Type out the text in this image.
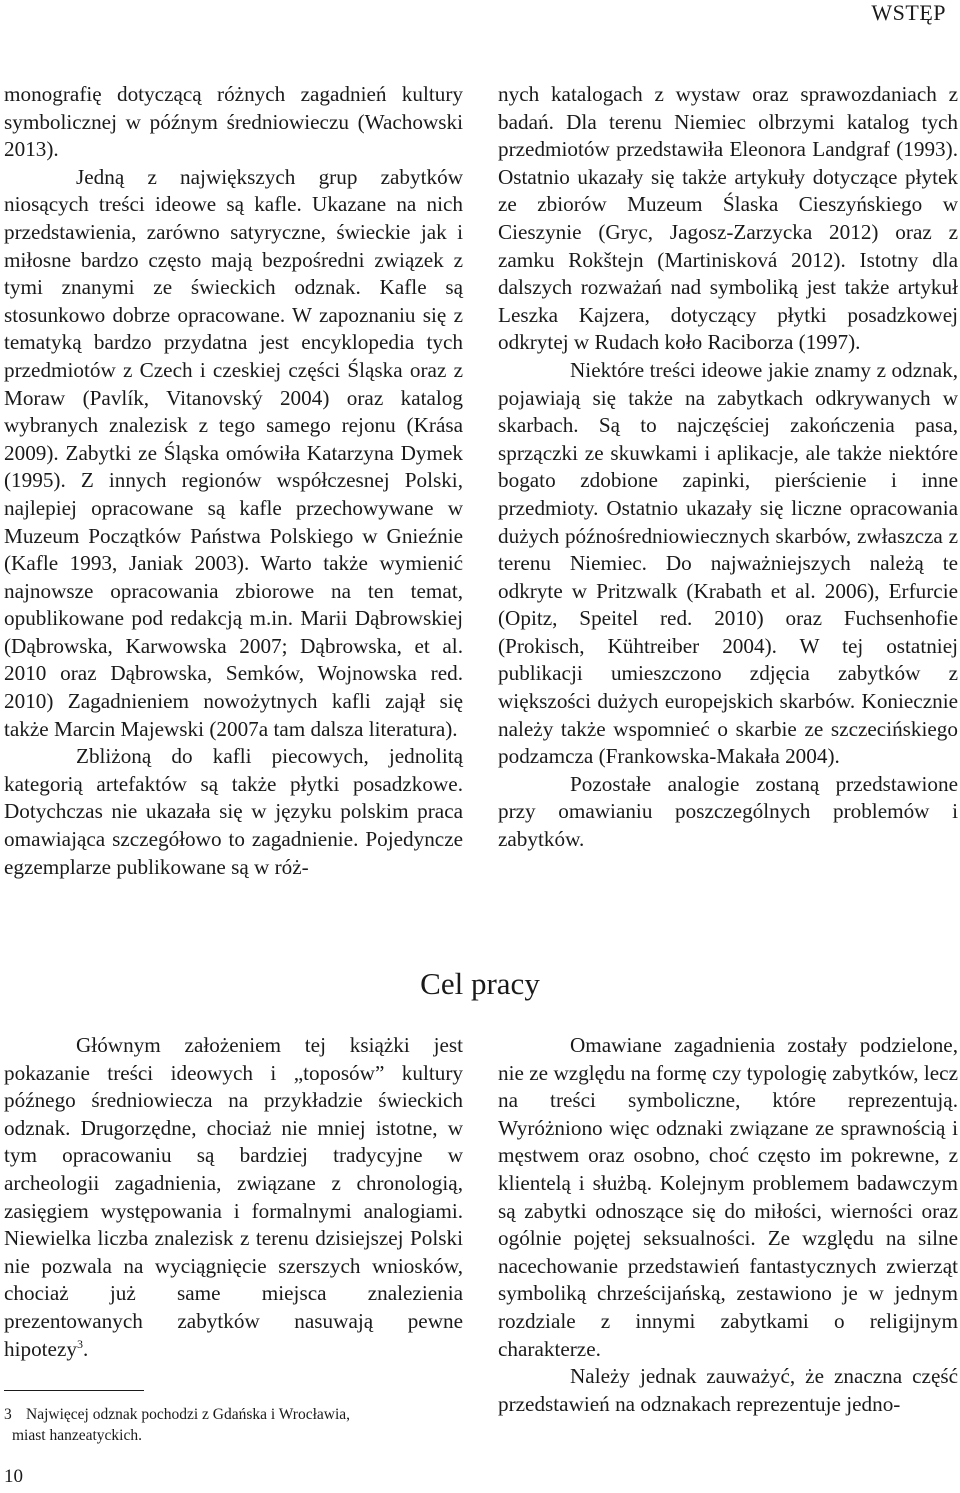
WSTĘP

monografię dotyczącą różnych zagadnień kultury symbolicznej w późnym średniowieczu (Wachowski 2013).

Jedną z największych grup zabytków niosących treści ideowe są kafle. Ukazane na nich przedstawienia, zarówno satyryczne, świeckie jak i miłosne bardzo często mają bezpośredni związek z tymi znanymi ze świeckich odznak. Kafle są stosunkowo dobrze opracowane. W zapoznaniu się z tematyką bardzo przydatna jest encyklopedia tych przedmiotów z Czech i czeskiej części Śląska oraz z Moraw (Pavlík, Vitanovský 2004) oraz katalog wybranych znalezisk z tego samego rejonu (Krása 2009). Zabytki ze Śląska omówiła Katarzyna Dymek (1995). Z innych regionów współczesnej Polski, najlepiej opracowane są kafle przechowywane w Muzeum Początków Państwa Polskiego w Gnieźnie (Kafle 1993, Janiak 2003). Warto także wymienić najnowsze opracowania zbiorowe na ten temat, opublikowane pod redakcją m.in. Marii Dąbrowskiej (Dąbrowska, Karwowska 2007; Dąbrowska, et al. 2010 oraz Dąbrowska, Semków, Wojnowska red. 2010) Zagadnieniem nowożytnych kafli zajął się także Marcin Majewski (2007a tam dalsza literatura).

Zbliżoną do kafli piecowych, jednolitą kategorią artefaktów są także płytki posadzkowe. Dotychczas nie ukazała się w języku polskim praca omawiająca szczegółowo to zagadnienie. Pojedyncze egzemplarze publikowane są w róż-

nych katalogach z wystaw oraz sprawozdaniach z badań. Dla terenu Niemiec olbrzymi katalog tych przedmiotów przedstawiła Eleonora Landgraf (1993). Ostatnio ukazały się także artykuły dotyczące płytek ze zbiorów Muzeum Ślaska Cieszyńskiego w Cieszynie (Gryc, Jagosz-Zarzycka 2012) oraz z zamku Rokštejn (Martinisková 2012). Istotny dla dalszych rozważań nad symboliką jest także artykuł Leszka Kajzera, dotyczący płytki posadzkowej odkrytej w Rudach koło Raciborza (1997).

Niektóre treści ideowe jakie znamy z odznak, pojawiają się także na zabytkach odkrywanych w skarbach. Są to najczęściej zakończenia pasa, sprzączki ze skuwkami i aplikacje, ale także niektóre bogato zdobione zapinki, pierścienie i inne przedmioty. Ostatnio ukazały się liczne opracowania dużych późnośredniowiecznych skarbów, zwłaszcza z terenu Niemiec. Do najważniejszych należą te odkryte w Pritzwalk (Krabath et al. 2006), Erfurcie (Opitz, Speitel red. 2010) oraz Fuchsenhofie (Prokisch, Kühtreiber 2004). W tej ostatniej publikacji umieszczono zdjęcia zabytków z większości dużych europejskich skarbów. Koniecznie należy także wspomnieć o skarbie ze szczecińskiego podzamcza (Frankowska-Makała 2004).

Pozostałe analogie zostaną przedstawione przy omawianiu poszczególnych problemów i zabytków.

Cel pracy

Głównym założeniem tej książki jest pokazanie treści ideowych i „toposów” kultury późnego średniowiecza na przykładzie świeckich odznak. Drugorzędne, chociaż nie mniej istotne, w tym opracowaniu są bardziej tradycyjne w archeologii zagadnienia, związane z chronologią, zasięgiem występowania i formalnymi analogiami. Niewielka liczba znalezisk z terenu dzisiejszej Polski nie pozwala na wyciągnięcie szerszych wniosków, chociaż już same miejsca znalezienia prezentowanych zabytków nasuwają pewne hipotezy$^3$.

Omawiane zagadnienia zostały podzielone, nie ze względu na formę czy typologię zabytków, lecz na treści symboliczne, które reprezentują. Wyróżniono więc odznaki związane ze sprawnością i męstwem oraz osobno, choć często im pokrewne, z klientelą i służbą. Kolejnym problemem badawczym są zabytki odnoszące się do miłości, wierności oraz ogólnie pojętej seksualności. Ze względu na silne nacechowanie przedstawień fantastycznych zwierząt symboliką chrześcijańską, zestawiono je w jednym rozdziale z innymi zabytkami o religijnym charakterze.

Należy jednak zauważyć, że znaczna część przedstawień na odznakach reprezentuje jedno-

3 Najwięcej odznak pochodzi z Gdańska i Wrocławia,
miast hanzeatyckich.
10
